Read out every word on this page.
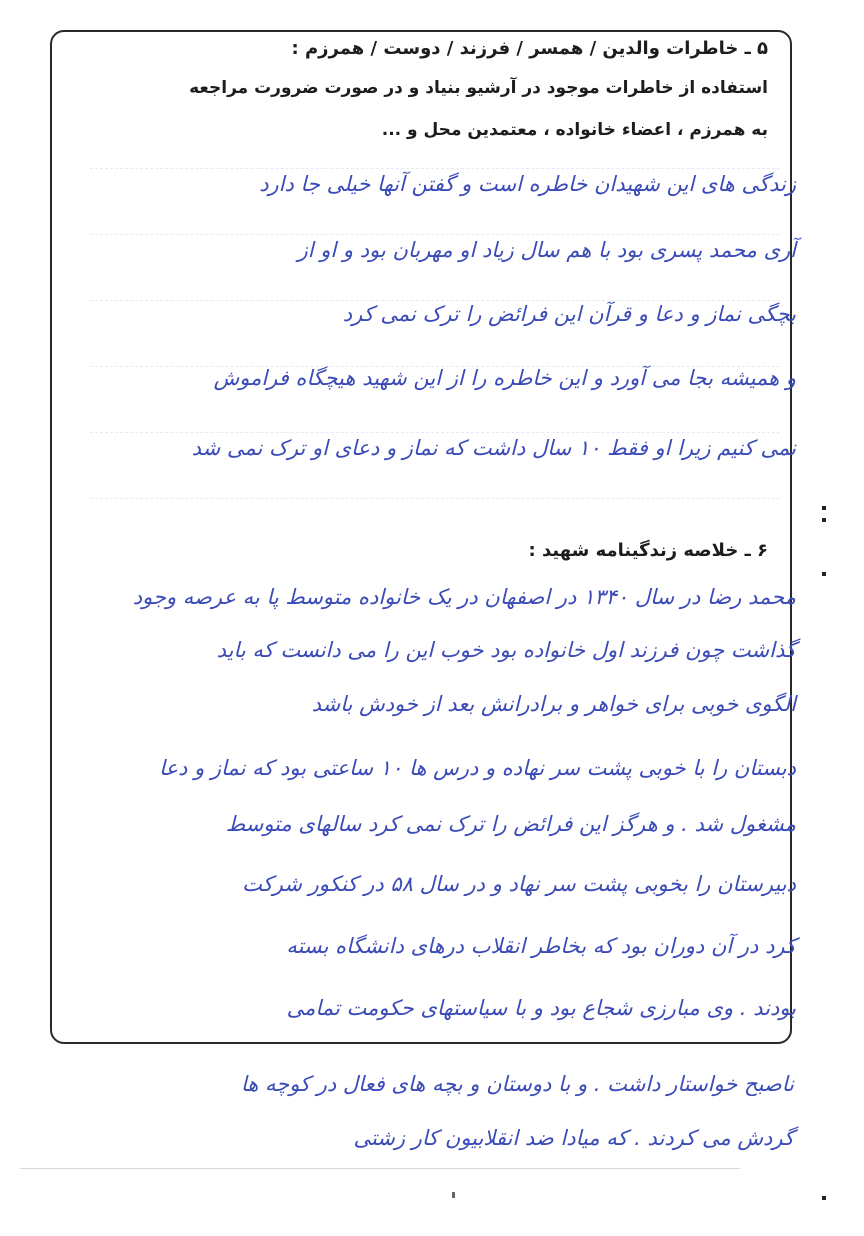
۵ ـ خاطرات والدین / همسر / فرزند / دوست / همرزم :
استفاده از خاطرات موجود در آرشیو بنیاد و در صورت ضرورت مراجعه
به همرزم ، اعضاء خانواده ، معتمدین محل و ...
زندگی های این شهیدان خاطره است و گفتن آنها خیلی جا دارد
آری محمد پسری بود با هم سال زیاد او مهربان بود و او از
بچگی نماز و دعا و قرآن این فرائض را ترک نمی کرد
و همیشه بجا می آورد و این خاطره را از این شهید هیچگاه فراموش
نمی کنیم زیرا او فقط ۱۰ سال داشت که نماز و دعای او ترک نمی شد
۶ ـ خلاصه زندگینامه شهید :
محمد رضا در سال ۱۳۴۰ در اصفهان در یک خانواده متوسط پا به عرصه وجود
گذاشت چون فرزند اول خانواده بود خوب این را می دانست که باید
الگوی خوبی برای خواهر و برادرانش بعد از خودش باشد
دبستان را با خوبی پشت سر نهاده و درس ها ۱۰ ساعتی بود که نماز و دعا
مشغول شد . و هرگز این فرائض را ترک نمی کرد سالهای متوسط
دبیرستان را بخوبی پشت سر نهاد و در سال ۵۸ در کنکور شرکت
کرد در آن دوران بود که بخاطر انقلاب درهای دانشگاه بسته
بودند . وی مبارزی شجاع بود و با سیاستهای حکومت تمامی
ناصبح خواستار داشت . و با دوستان و بچه های فعال در کوچه ها
گردش می کردند . که میادا ضد انقلابیون کار زشتی
